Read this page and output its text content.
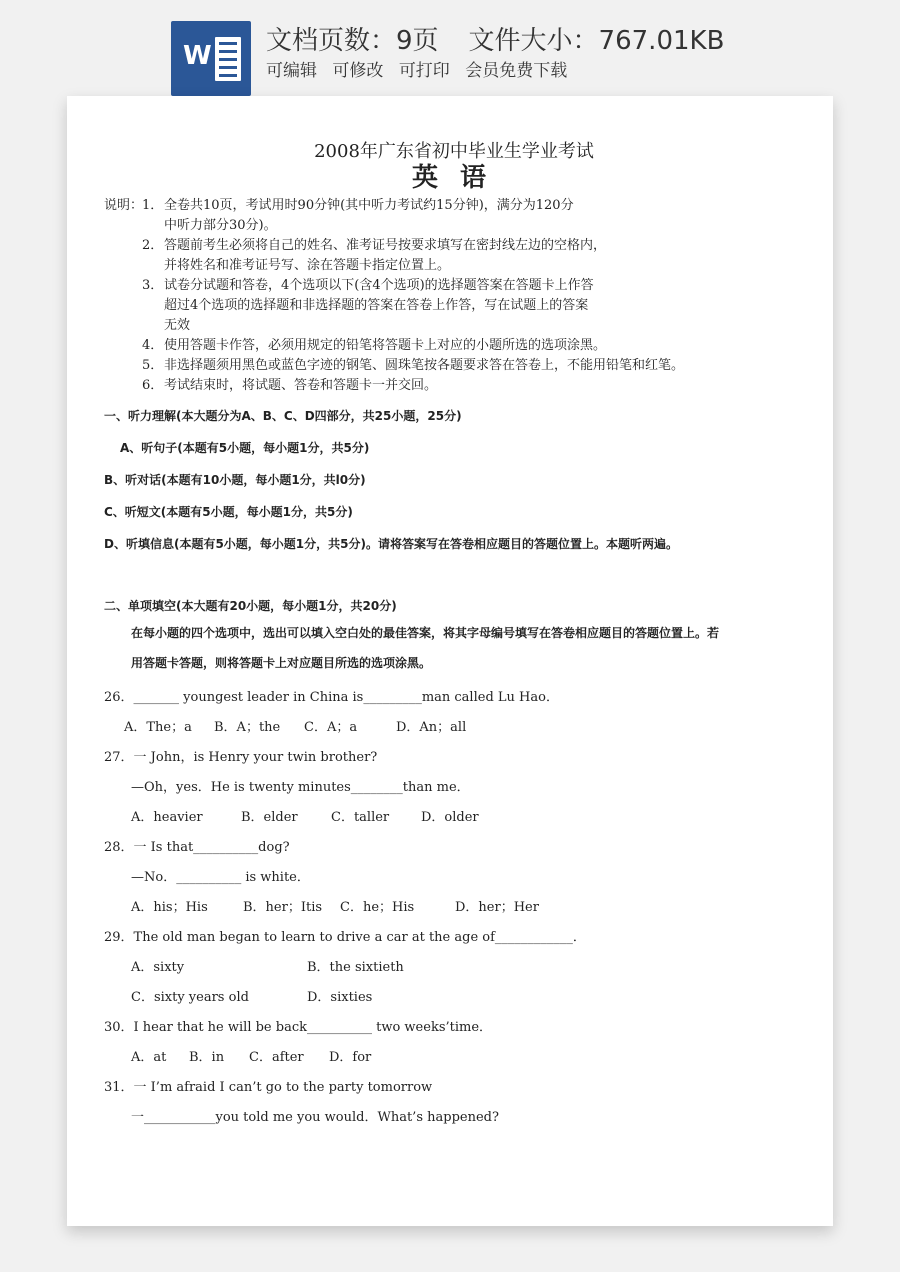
W 文档页数：9页 文件大小：767.01KB
可编辑 可修改 可打印 会员免费下载
2008年广东省初中毕业生学业考试
英语
说明：
1．全卷共10页，考试用时90分钟(其中听力考试约15分钟)，满分为120分
中听力部分30分)。
2．答题前考生必须将自己的姓名、准考证号按要求填写在密封线左边的空格内，
并将姓名和准考证号写、涂在答题卡指定位置上。
3．试卷分试题和答卷，4个选项以下(含4个选项)的选择题答案在答题卡上作答
超过4个选项的选择题和非选择题的答案在答卷上作答，写在试题上的答案
无效
4．使用答题卡作答，必须用规定的铅笔将答题卡上对应的小题所选的选项涂黑。
5．非选择题须用黑色或蓝色字迹的钢笔、圆珠笔按各题要求答在答卷上，不能用铅笔和红笔。
6．考试结束时，将试题、答卷和答题卡一并交回。
一、听力理解(本大题分为A、B、C、D四部分，共25小题，25分)
A、听句子(本题有5小题，每小题1分，共5分)
B、听对话(本题有10小题，每小题1分，共l0分)
C、听短文(本题有5小题，每小题1分，共5分)
D、听填信息(本题有5小题，每小题1分，共5分)。请将答案写在答卷相应题目的答题位置上。本题听两遍。
二、单项填空(本大题有20小题，每小题1分，共20分)
在每小题的四个选项中，选出可以填入空白处的最佳答案，将其字母编号填写在答卷相应题目的答题位置上。若
用答题卡答题，则将答题卡上对应题目所选的选项涂黑。
26．_______ youngest leader in China is_________man called Lu Hao．
A．The；a B．A；the C．A；a	D．An；all
27．一 John，is Henry your twin brother?
—Oh，yes．He is twenty minutes________than me．
A．heavier	B．elder	C．taller D．older
28．一 Is that__________dog?
—No．__________ is white．
A．his；His	B．her；Itis C．he；His	D．her；Her
29．The old man began to learn to drive a car at the age of____________．
A．sixty	B．the sixtieth
C．sixty years old	D．sixties
30．I hear that he will be back__________ two weeks’time．
A．at B．in C．after D．for
31．一 I’m afraid I can’t go to the party tomorrow
一___________you told me you would．What’s happened?
